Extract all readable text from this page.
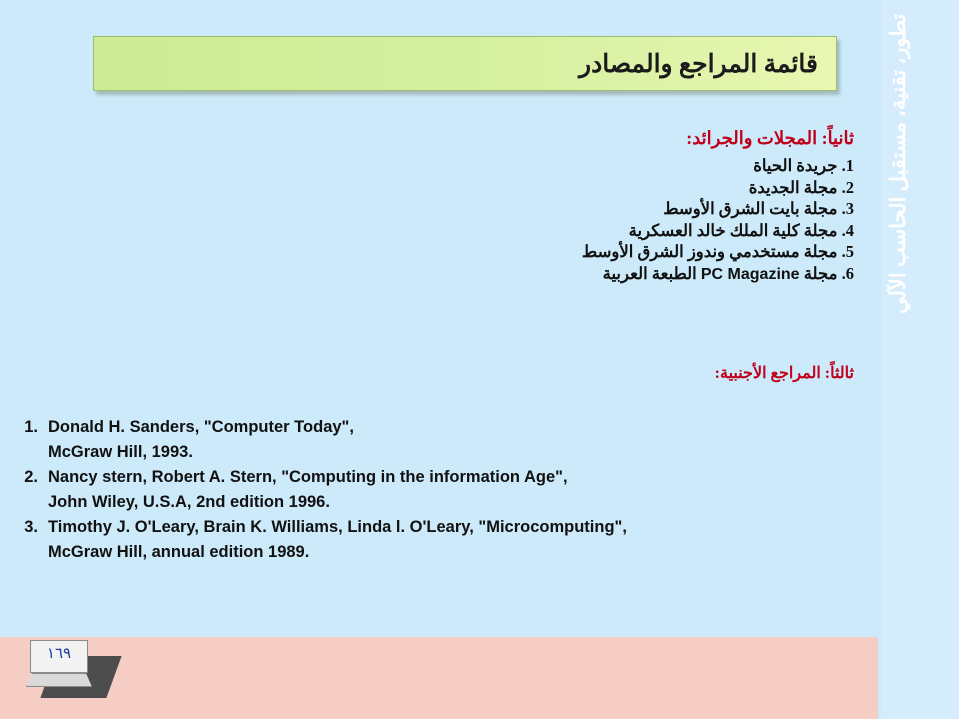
تطور، تقنية، مستقبل الحاسب الآلي
قائمة المراجع والمصادر
ثانياً: المجلات والجرائد:
1. جريدة الحياة
2. مجلة الجديدة
3. مجلة بايت الشرق الأوسط
4. مجلة كلية الملك خالد العسكرية
5. مجلة مستخدمي وندوز الشرق الأوسط
6. مجلة PC Magazine الطبعة العربية
ثالثاً: المراجع الأجنبية:
1. Donald H. Sanders, "Computer Today",
McGraw Hill, 1993.
2. Nancy stern, Robert A. Stern, "Computing in the information Age",
John Wiley, U.S.A, 2nd edition 1996.
3. Timothy J. O'Leary, Brain K. Williams, Linda l. O'Leary, "Microcomputing",
McGraw Hill, annual edition 1989.
١٦٩
